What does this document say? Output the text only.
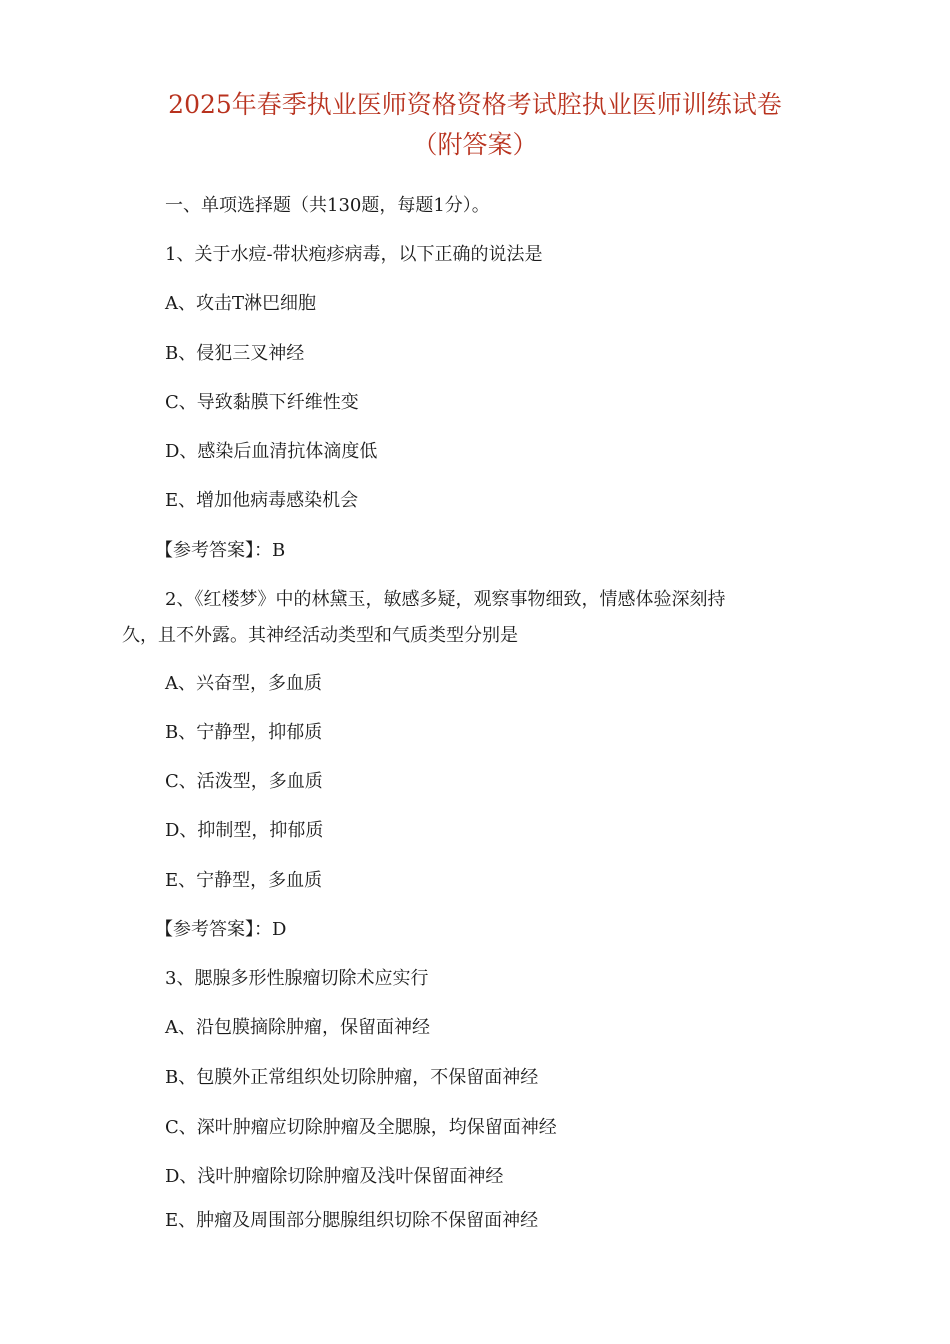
2025年春季执业医师资格资格考试腔执业医师训练试卷
（附答案）
一、单项选择题（共130题，每题1分）。
1、关于水痘-带状疱疹病毒，以下正确的说法是
A、攻击T淋巴细胞
B、侵犯三叉神经
C、导致黏膜下纤维性变
D、感染后血清抗体滴度低
E、增加他病毒感染机会
【参考答案】：B
2、《红楼梦》中的林黛玉，敏感多疑，观察事物细致，情感体验深刻持
久，且不外露。其神经活动类型和气质类型分别是
A、兴奋型，多血质
B、宁静型，抑郁质
C、活泼型，多血质
D、抑制型，抑郁质
E、宁静型，多血质
【参考答案】：D
3、腮腺多形性腺瘤切除术应实行
A、沿包膜摘除肿瘤，保留面神经
B、包膜外正常组织处切除肿瘤，不保留面神经
C、深叶肿瘤应切除肿瘤及全腮腺，均保留面神经
D、浅叶肿瘤除切除肿瘤及浅叶保留面神经
E、肿瘤及周围部分腮腺组织切除不保留面神经
